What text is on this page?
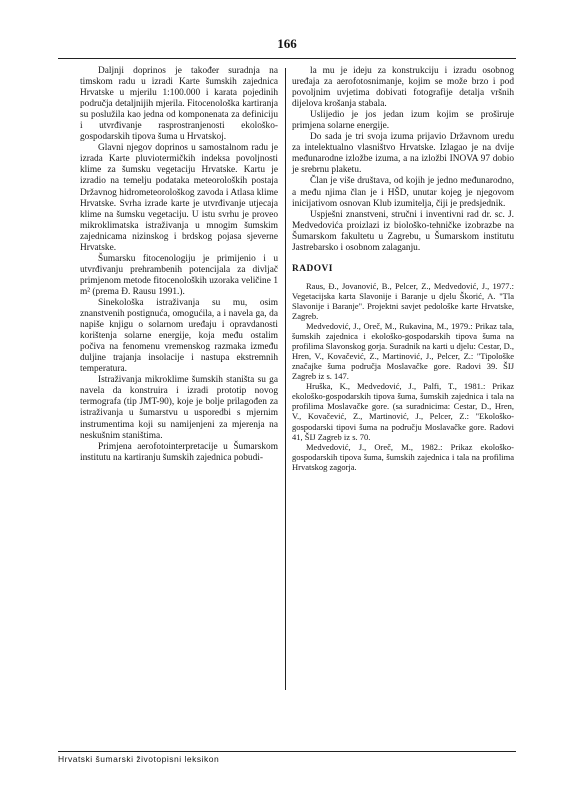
166

Daljnji doprinos je također suradnja na timskom radu u izradi Karte šumskih zajednica Hrvatske u mjerilu 1:100.000 i karata pojedinih područja detaljnijih mjerila. Fitocenološka kartiranja su poslužila kao jedna od komponenata za definiciju i utvrđivanje rasprostranjenosti ekološko-gospodarskih tipova šuma u Hrvatskoj.

Glavni njegov doprinos u samostalnom radu je izrada Karte pluviotermičkih indeksa povoljnosti klime za šumsku vegetaciju Hrvatske. Kartu je izradio na temelju podataka meteoroloških postaja Državnog hidrometeorološkog zavoda i Atlasa klime Hrvatske. Svrha izrade karte je utvrđivanje utjecaja klime na šumsku vegetaciju. U istu svrhu je proveo mikroklimatska istraživanja u mnogim šumskim zajednicama nizinskog i brdskog pojasa sjeverne Hrvatske.

Šumarsku fitocenologiju je primijenio i u utvrđivanju prehrambenih potencijala za divljač primjenom metode fitocenoloških uzoraka veličine 1 m² (prema Đ. Rausu 1991.).

Sinekološka istraživanja su mu, osim znanstvenih postignuća, omogućila, a i navela ga, da napiše knjigu o solarnom uređaju i opravdanosti korištenja solarne energije, koja među ostalim počiva na fenomenu vremenskog razmaka između duljine trajanja insolacije i nastupa ekstremnih temperatura.

Istraživanja mikroklime šumskih staništa su ga navela da konstruira i izradi prototip novog termografa (tip JMT-90), koje je bolje prilagođen za istraživanja u šumarstvu u usporedbi s mjernim instrumentima koji su namijenjeni za mjerenja na neskušnim staništima.

Primjena aerofotointerpretacije u Šumarskom institutu na kartiranju šumskih zajednica pobudi-

la mu je ideju za konstrukciju i izradu osobnog uređaja za aerofotosnimanje, kojim se može brzo i pod povoljnim uvjetima dobivati fotografije detalja vršnih dijelova krošanja stabala.

Uslijedio je jos jedan izum kojim se proširuje primjena solarne energije.

Do sada je tri svoja izuma prijavio Državnom uredu za intelektualno vlasništvo Hrvatske. Izlagao je na dvije međunarodne izložbe izuma, a na izložbi INOVA 97 dobio je srebrnu plaketu.

Član je više društava, od kojih je jedno međunarodno, a među njima član je i HŠD, unutar kojeg je njegovom inicijativom osnovan Klub izumitelja, čiji je predsjednik.

Uspješni znanstveni, stručni i inventivni rad dr. sc. J. Medvedovića proizlazi iz biološko-tehničke izobrazbe na Šumarskom fakultetu u Zagrebu, u Šumarskom institutu Jastrebarsko i osobnom zalaganju.

RADOVI

Raus, Đ., Jovanović, B., Pelcer, Z., Medvedović, J., 1977.: Vegetacijska karta Slavonije i Baranje u djelu Škorić, A. "Tla Slavonije i Baranje". Projektni savjet pedološke karte Hrvatske, Zagreb.

Medvedović, J., Oreč, M., Rukavina, M., 1979.: Prikaz tala, šumskih zajednica i ekološko-gospodarskih tipova šuma na profilima Slavonskog gorja. Suradnik na karti u djelu: Cestar, D., Hren, V., Kovačević, Z., Martinović, J., Pelcer, Z.: "Tipološke značajke šuma područja Moslavačke gore. Radovi 39. ŠIJ Zagreb iz s. 147.

Hruška, K., Medvedović, J., Palfi, T., 1981.: Prikaz ekološko-gospodarskih tipova šuma, šumskih zajednica i tala na profilima Moslavačke gore. (sa suradnicima: Cestar, D., Hren, V., Kovačević, Z., Martinović, J., Pelcer, Z.: "Ekološko-gospodarski tipovi šuma na području Moslavačke gore. Radovi 41, ŠIJ Zagreb iz s. 70.

Medvedović, J., Oreč, M., 1982.: Prikaz ekološko-gospodarskih tipova šuma, šumskih zajednica i tala na profilima Hrvatskog zagorja.

Hrvatski šumarski životopisni leksikon
